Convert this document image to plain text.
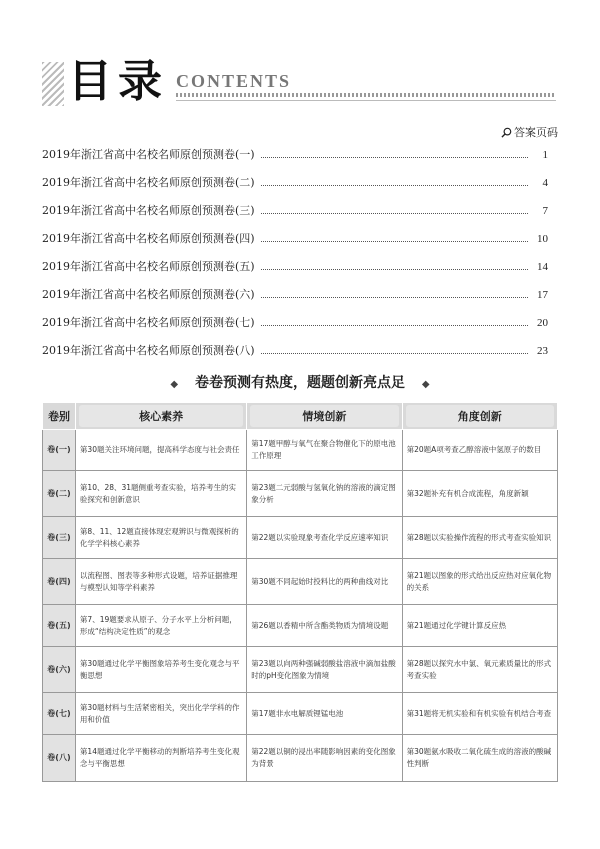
目录 CONTENTS
答案页码
2019年浙江省高中名校名师原创预测卷(一)	1
2019年浙江省高中名校名师原创预测卷(二)	4
2019年浙江省高中名校名师原创预测卷(三)	7
2019年浙江省高中名校名师原创预测卷(四)	10
2019年浙江省高中名校名师原创预测卷(五)	14
2019年浙江省高中名校名师原创预测卷(六)	17
2019年浙江省高中名校名师原创预测卷(七)	20
2019年浙江省高中名校名师原创预测卷(八)	23
◆ 卷卷预测有热度，题题创新亮点足 ◆
卷别	核心素养	情境创新	角度创新

卷(一)	第30题关注环境问题，提高科学态度与社会责任	第17题甲醇与氧气在聚合物催化下的原电池工作原理	第20题A项考查乙醇溶液中氢原子的数目
卷(二)	第10、28、31题侧重考查实验，培养考生的实验探究和创新意识	第23题二元弱酸与氢氧化钠的溶液的滴定图象分析	第32题补充有机合成流程，角度新颖
卷(三)	第8、11、12题直接体现宏观辨识与微观探析的化学学科核心素养	第22题以实验现象考查化学反应速率知识	第28题以实验操作流程的形式考查实验知识
卷(四)	以流程图、图表等多种形式设题，培养证据推理与模型认知等学科素养	第30题不同起始时投料比的两种曲线对比	第21题以图象的形式给出反应热对应氧化物的关系
卷(五)	第7、19题要求从原子、分子水平上分析问题，形成“结构决定性质”的观念	第26题以香精中所含酯类物质为情境设题	第21题通过化学键计算反应热
卷(六)	第30题通过化学平衡图象培养考生变化观念与平衡思想	第23题以向两种强碱弱酸盐溶液中滴加盐酸时的pH变化图象为情境	第28题以探究水中氯、氧元素质量比的形式考查实验
卷(七)	第30题材料与生活紧密相关，突出化学学科的作用和价值	第17题非水电解质锂锰电池	第31题将无机实验和有机实验有机结合考查
卷(八)	第14题通过化学平衡移动的判断培养考生变化观念与平衡思想	第22题以铜的浸出率随影响因素的变化图象为背景	第30题氨水吸收二氧化硫生成的溶液的酸碱性判断
